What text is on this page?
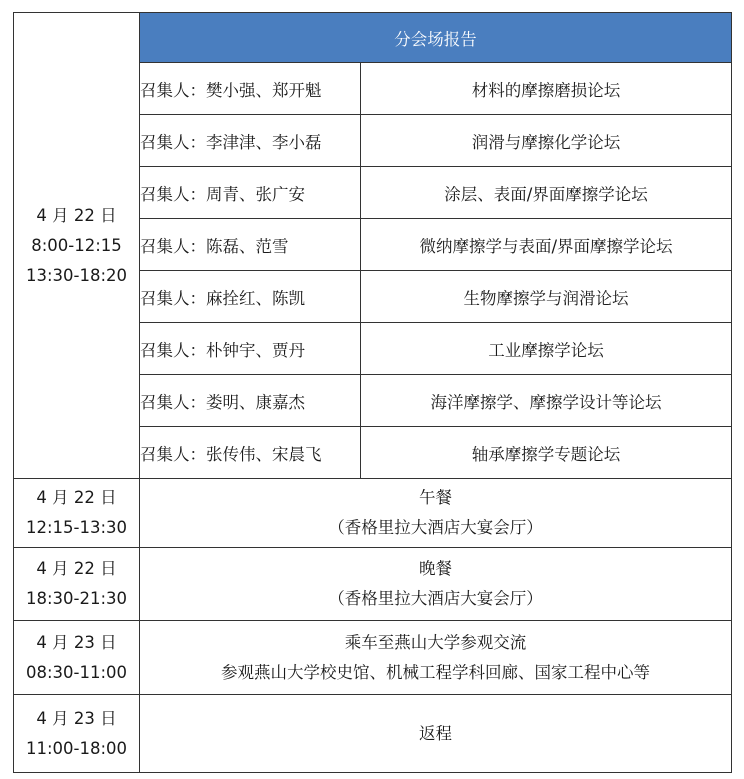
4 月 22 日
8:00-12:15
13:30-18:20	分会场报告	
	召集人：樊小强、郑开魁	材料的摩擦磨损论坛
	召集人：李津津、李小磊	润滑与摩擦化学论坛
	召集人：周青、张广安	涂层、表面/界面摩擦学论坛
	召集人：陈磊、范雪	微纳摩擦学与表面/界面摩擦学论坛
	召集人：麻拴红、陈凯	生物摩擦学与润滑论坛
	召集人：朴钟宇、贾丹	工业摩擦学论坛
	召集人：娄明、康嘉杰	海洋摩擦学、摩擦学设计等论坛
	召集人：张传伟、宋晨飞	轴承摩擦学专题论坛

4 月 22 日
12:15-13:30	午餐
（香格里拉大酒店大宴会厅）	

4 月 22 日
18:30-21:30	晚餐
（香格里拉大酒店大宴会厅）	

4 月 23 日
08:30-11:00	乘车至燕山大学参观交流
参观燕山大学校史馆、机械工程学科回廊、国家工程中心等	

4 月 23 日
11:00-18:00	返程	
